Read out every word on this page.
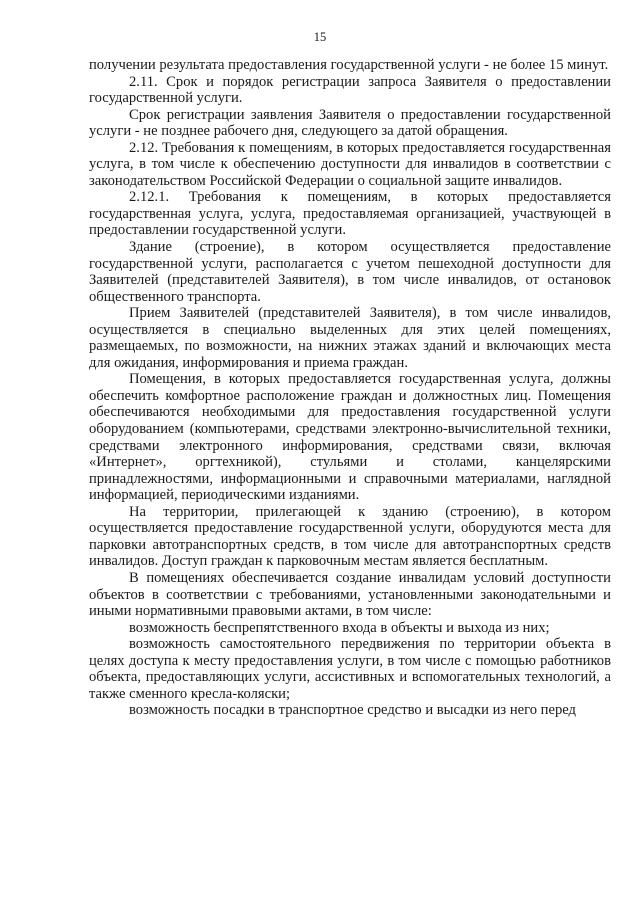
15

получении результата предоставления государственной услуги - не более 15 минут.

2.11. Срок и порядок регистрации запроса Заявителя о предоставлении государственной услуги.

Срок регистрации заявления Заявителя о предоставлении государственной услуги - не позднее рабочего дня, следующего за датой обращения.

2.12. Требования к помещениям, в которых предоставляется государственная услуга, в том числе к обеспечению доступности для инвалидов в соответствии с законодательством Российской Федерации о социальной защите инвалидов.

2.12.1. Требования к помещениям, в которых предоставляется государственная услуга, услуга, предоставляемая организацией, участвующей в предоставлении государственной услуги.

Здание (строение), в котором осуществляется предоставление государственной услуги, располагается с учетом пешеходной доступности для Заявителей (представителей Заявителя), в том числе инвалидов, от остановок общественного транспорта.

Прием Заявителей (представителей Заявителя), в том числе инвалидов, осуществляется в специально выделенных для этих целей помещениях, размещаемых, по возможности, на нижних этажах зданий и включающих места для ожидания, информирования и приема граждан.

Помещения, в которых предоставляется государственная услуга, должны обеспечить комфортное расположение граждан и должностных лиц. Помещения обеспечиваются необходимыми для предоставления государственной услуги оборудованием (компьютерами, средствами электронно-вычислительной техники, средствами электронного информирования, средствами связи, включая «Интернет», оргтехникой), стульями и столами, канцелярскими принадлежностями, информационными и справочными материалами, наглядной информацией, периодическими изданиями.

На территории, прилегающей к зданию (строению), в котором осуществляется предоставление государственной услуги, оборудуются места для парковки автотранспортных средств, в том числе для автотранспортных средств инвалидов. Доступ граждан к парковочным местам является бесплатным.

В помещениях обеспечивается создание инвалидам условий доступности объектов в соответствии с требованиями, установленными законодательными и иными нормативными правовыми актами, в том числе:

возможность беспрепятственного входа в объекты и выхода из них;

возможность самостоятельного передвижения по территории объекта в целях доступа к месту предоставления услуги, в том числе с помощью работников объекта, предоставляющих услуги, ассистивных и вспомогательных технологий, а также сменного кресла-коляски;

возможность посадки в транспортное средство и высадки из него перед
